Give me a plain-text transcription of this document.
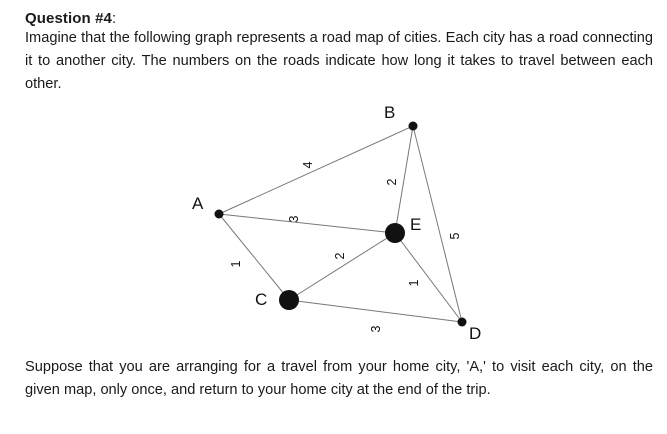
Question #4:

Imagine that the following graph represents a road map of cities. Each city has a road connecting it to another city. The numbers on the roads indicate how long it takes to travel between each other.

A
B
C
D
E
4
2
3
1
2
1
5
3

Suppose that you are arranging for a travel from your home city, 'A,' to visit each city, on the given map, only once, and return to your home city at the end of the trip.
